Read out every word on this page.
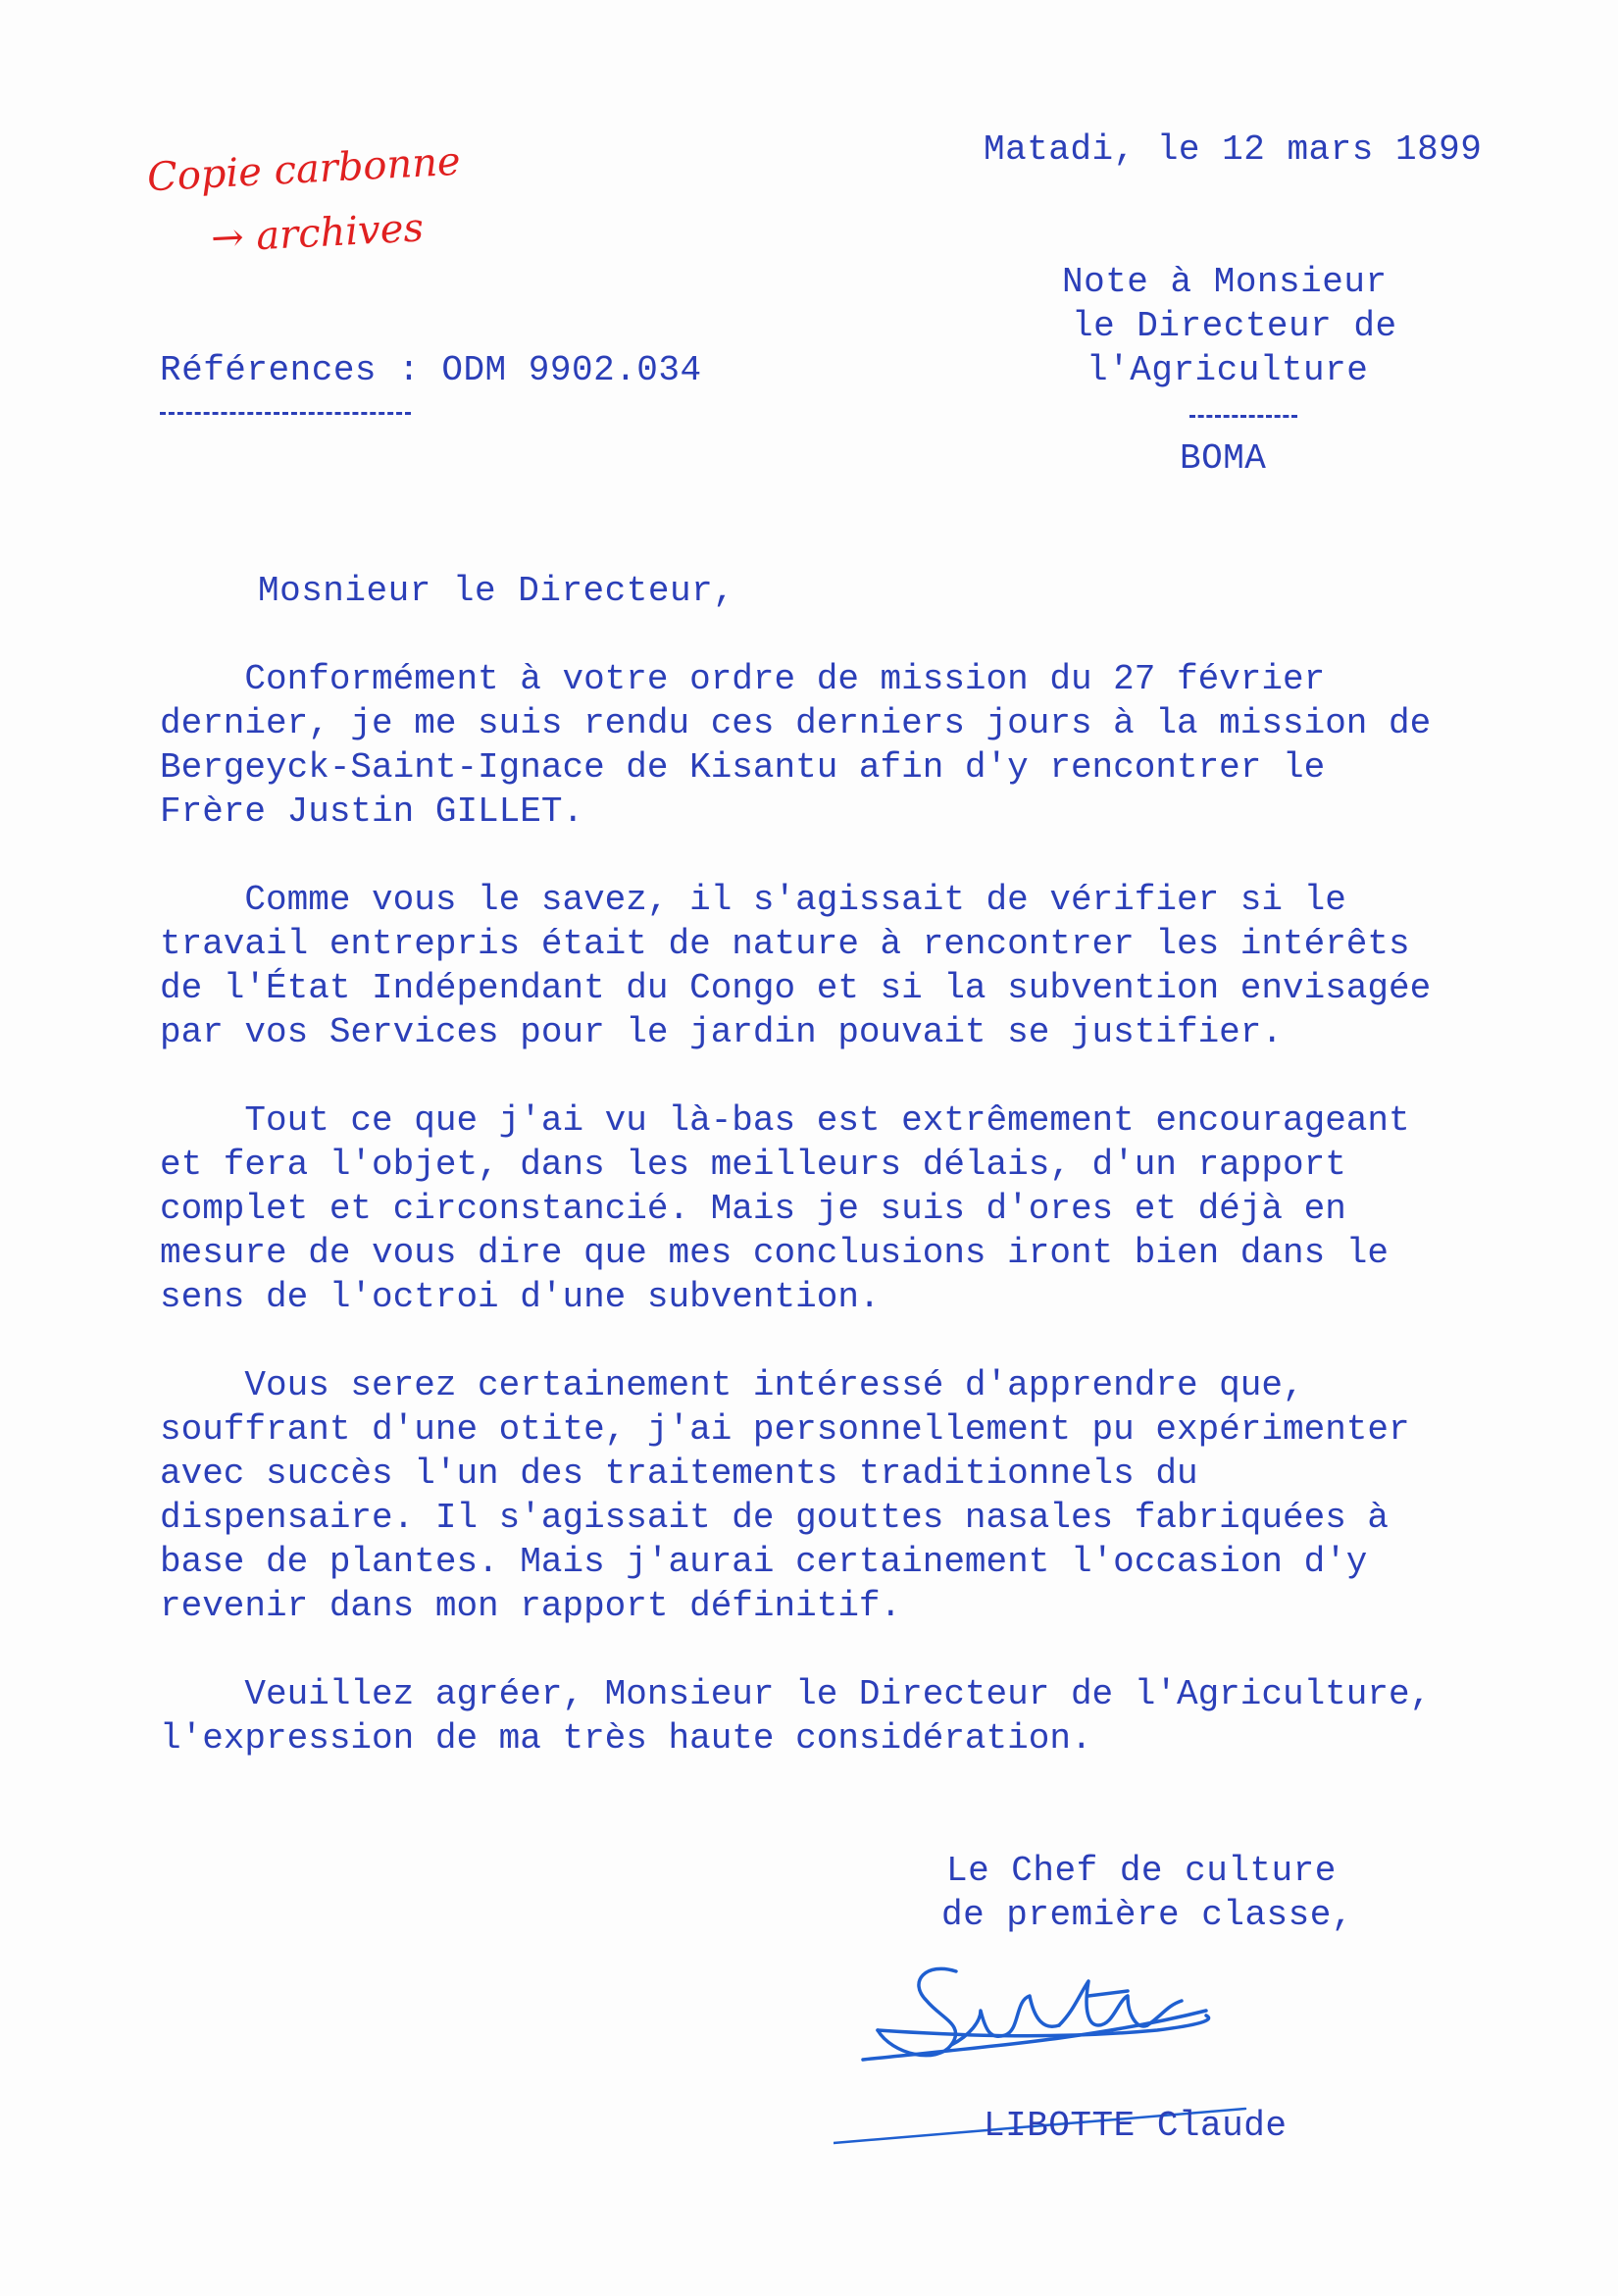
Copie carbonne
→ archives
Matadi, le 12 mars 1899
Note à Monsieur
le Directeur de
l'Agriculture
BOMA
Références : ODM 9902.034
Mosnieur le Directeur,
Conformément à votre ordre de mission du 27 février
dernier, je me suis rendu ces derniers jours à la mission de
Bergeyck-Saint-Ignace de Kisantu afin d'y rencontrer le
Frère Justin GILLET.
Comme vous le savez, il s'agissait de vérifier si le
travail entrepris était de nature à rencontrer les intérêts
de l'État Indépendant du Congo et si la subvention envisagée
par vos Services pour le jardin pouvait se justifier.
Tout ce que j'ai vu là-bas est extrêmement encourageant
et fera l'objet, dans les meilleurs délais, d'un rapport
complet et circonstancié. Mais je suis d'ores et déjà en
mesure de vous dire que mes conclusions iront bien dans le
sens de l'octroi d'une subvention.
Vous serez certainement intéressé d'apprendre que,
souffrant d'une otite, j'ai personnellement pu expérimenter
avec succès l'un des traitements traditionnels du
dispensaire. Il s'agissait de gouttes nasales fabriquées à
base de plantes. Mais j'aurai certainement l'occasion d'y
revenir dans mon rapport définitif.
Veuillez agréer, Monsieur le Directeur de l'Agriculture,
l'expression de ma très haute considération.
Le Chef de culture
de première classe,
LIBOTTE Claude
